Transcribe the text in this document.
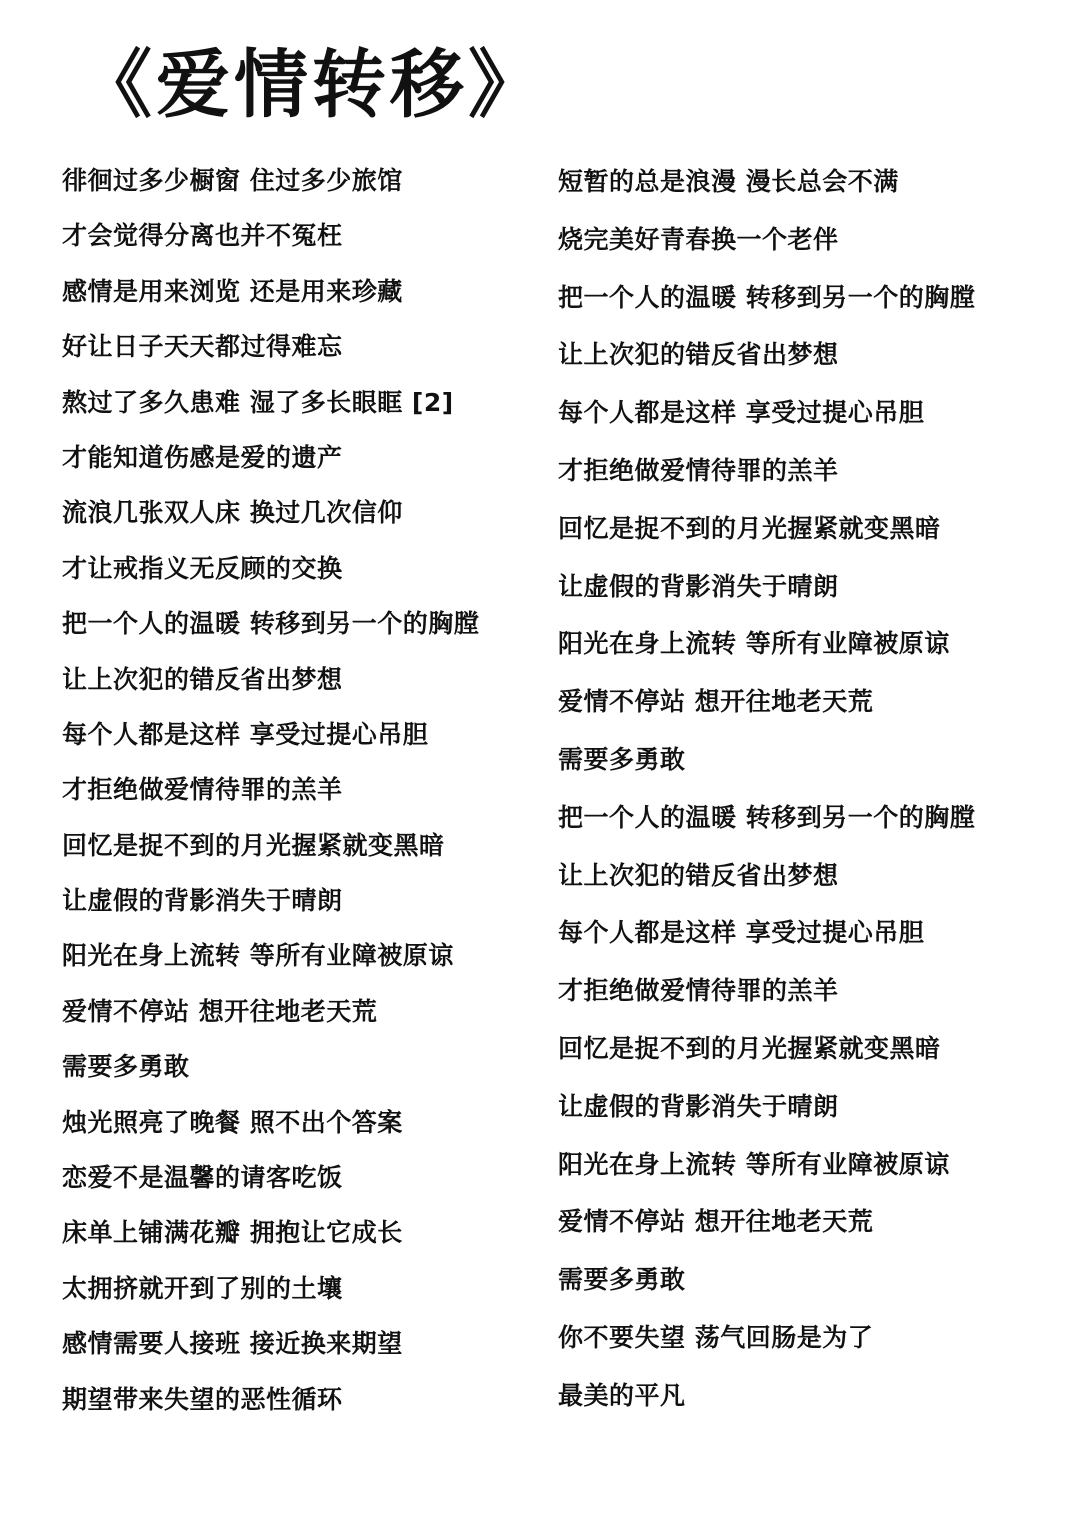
《爱情转移》
徘徊过多少橱窗 住过多少旅馆
才会觉得分离也并不冤枉
感情是用来浏览 还是用来珍藏
好让日子天天都过得难忘
熬过了多久患难 湿了多长眼眶 [2]
才能知道伤感是爱的遗产
流浪几张双人床 换过几次信仰
才让戒指义无反顾的交换
把一个人的温暖 转移到另一个的胸膛
让上次犯的错反省出梦想
每个人都是这样 享受过提心吊胆
才拒绝做爱情待罪的羔羊
回忆是捉不到的月光握紧就变黑暗
让虚假的背影消失于晴朗
阳光在身上流转 等所有业障被原谅
爱情不停站 想开往地老天荒
需要多勇敢
烛光照亮了晚餐 照不出个答案
恋爱不是温馨的请客吃饭
床单上铺满花瓣 拥抱让它成长
太拥挤就开到了别的土壤
感情需要人接班 接近换来期望
期望带来失望的恶性循环
短暂的总是浪漫 漫长总会不满
烧完美好青春换一个老伴
把一个人的温暖 转移到另一个的胸膛
让上次犯的错反省出梦想
每个人都是这样 享受过提心吊胆
才拒绝做爱情待罪的羔羊
回忆是捉不到的月光握紧就变黑暗
让虚假的背影消失于晴朗
阳光在身上流转 等所有业障被原谅
爱情不停站 想开往地老天荒
需要多勇敢
把一个人的温暖 转移到另一个的胸膛
让上次犯的错反省出梦想
每个人都是这样 享受过提心吊胆
才拒绝做爱情待罪的羔羊
回忆是捉不到的月光握紧就变黑暗
让虚假的背影消失于晴朗
阳光在身上流转 等所有业障被原谅
爱情不停站 想开往地老天荒
需要多勇敢
你不要失望 荡气回肠是为了
最美的平凡
